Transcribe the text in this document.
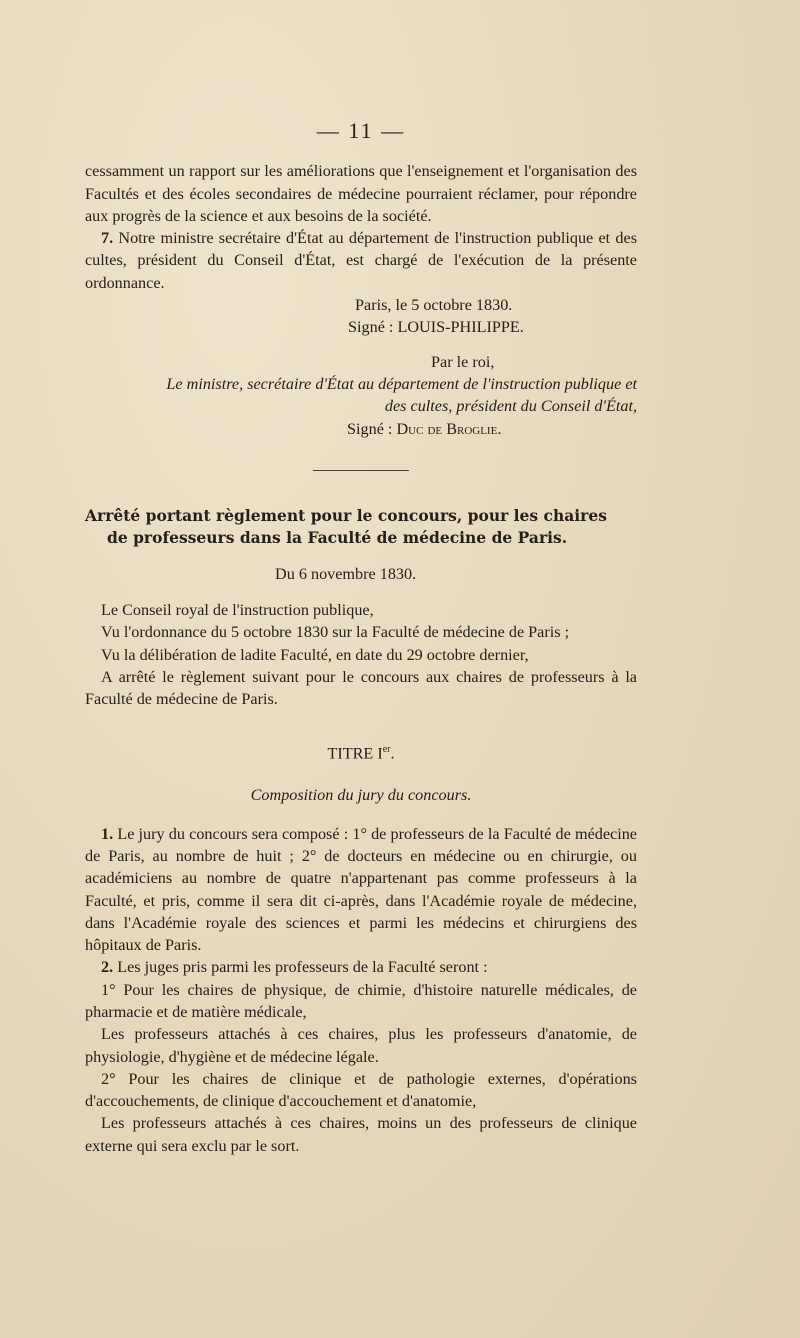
— 11 —

cessamment un rapport sur les améliorations que l'enseignement et l'organisation des Facultés et des écoles secondaires de médecine pourraient réclamer, pour répondre aux progrès de la science et aux besoins de la société.

7. Notre ministre secrétaire d'État au département de l'instruction publique et des cultes, président du Conseil d'État, est chargé de l'exécution de la présente ordonnance.

Paris, le 5 octobre 1830.
Signé : LOUIS-PHILIPPE.
Par le roi,

Le ministre, secrétaire d'État au département de l'instruction publique et des cultes, président du Conseil d'État,

Signé : Duc de Broglie.
Arrêté portant règlement pour le concours, pour les chaires
de professeurs dans la Faculté de médecine de Paris.
Du 6 novembre 1830.

Le Conseil royal de l'instruction publique,

Vu l'ordonnance du 5 octobre 1830 sur la Faculté de médecine de Paris ;

Vu la délibération de ladite Faculté, en date du 29 octobre dernier,

A arrêté le règlement suivant pour le concours aux chaires de professeurs à la Faculté de médecine de Paris.

TITRE Ier.
Composition du jury du concours.

1. Le jury du concours sera composé : 1° de professeurs de la Faculté de médecine de Paris, au nombre de huit ; 2° de docteurs en médecine ou en chirurgie, ou académiciens au nombre de quatre n'appartenant pas comme professeurs à la Faculté, et pris, comme il sera dit ci-après, dans l'Académie royale de médecine, dans l'Académie royale des sciences et parmi les médecins et chirurgiens des hôpitaux de Paris.

2. Les juges pris parmi les professeurs de la Faculté seront :

1° Pour les chaires de physique, de chimie, d'histoire naturelle médicales, de pharmacie et de matière médicale,

Les professeurs attachés à ces chaires, plus les professeurs d'anatomie, de physiologie, d'hygiène et de médecine légale.

2° Pour les chaires de clinique et de pathologie externes, d'opérations d'accouchements, de clinique d'accouchement et d'anatomie,

Les professeurs attachés à ces chaires, moins un des professeurs de clinique externe qui sera exclu par le sort.
